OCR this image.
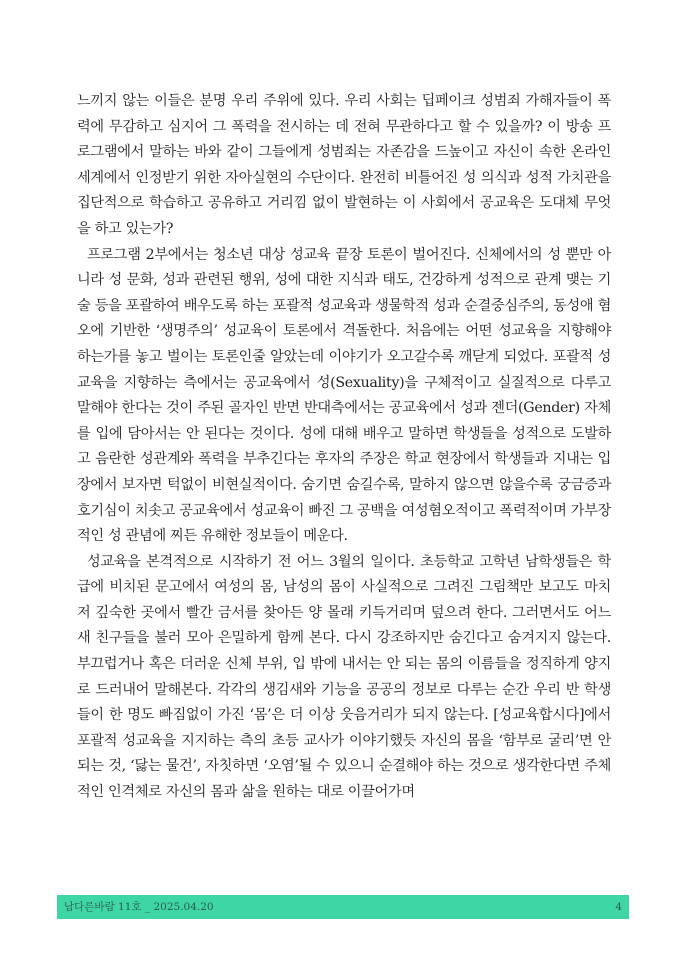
느끼지 않는 이들은 분명 우리 주위에 있다. 우리 사회는 딥페이크 성범죄 가해자들이 폭력에 무감하고 심지어 그 폭력을 전시하는 데 전혀 무관하다고 할 수 있을까? 이 방송 프로그램에서 말하는 바와 같이 그들에게 성범죄는 자존감을 드높이고 자신이 속한 온라인 세계에서 인정받기 위한 자아실현의 수단이다. 완전히 비틀어진 성 의식과 성적 가치관을 집단적으로 학습하고 공유하고 거리낌 없이 발현하는 이 사회에서 공교육은 도대체 무엇을 하고 있는가?

프로그램 2부에서는 청소년 대상 성교육 끝장 토론이 벌어진다. 신체에서의 성 뿐만 아니라 성 문화, 성과 관련된 행위, 성에 대한 지식과 태도, 건강하게 성적으로 관계 맺는 기술 등을 포괄하여 배우도록 하는 포괄적 성교육과 생물학적 성과 순결중심주의, 동성애 혐오에 기반한 ‘생명주의’ 성교육이 토론에서 격돌한다. 처음에는 어떤 성교육을 지향해야 하는가를 놓고 벌이는 토론인줄 알았는데 이야기가 오고갈수록 깨닫게 되었다. 포괄적 성교육을 지향하는 측에서는 공교육에서 성(Sexuality)을 구체적이고 실질적으로 다루고 말해야 한다는 것이 주된 골자인 반면 반대측에서는 공교육에서 성과 젠더(Gender) 자체를 입에 담아서는 안 된다는 것이다. 성에 대해 배우고 말하면 학생들을 성적으로 도발하고 음란한 성관계와 폭력을 부추긴다는 후자의 주장은 학교 현장에서 학생들과 지내는 입장에서 보자면 턱없이 비현실적이다. 숨기면 숨길수록, 말하지 않으면 않을수록 궁금증과 호기심이 치솟고 공교육에서 성교육이 빠진 그 공백을 여성혐오적이고 폭력적이며 가부장적인 성 관념에 찌든 유해한 정보들이 메운다.

성교육을 본격적으로 시작하기 전 어느 3월의 일이다. 초등학교 고학년 남학생들은 학급에 비치된 문고에서 여성의 몸, 남성의 몸이 사실적으로 그려진 그림책만 보고도 마치 저 깊숙한 곳에서 빨간 금서를 찾아든 양 몰래 키득거리며 덮으려 한다. 그러면서도 어느새 친구들을 불러 모아 은밀하게 함께 본다. 다시 강조하지만 숨긴다고 숨겨지지 않는다. 부끄럽거나 혹은 더러운 신체 부위, 입 밖에 내서는 안 되는 몸의 이름들을 정직하게 양지로 드러내어 말해본다. 각각의 생김새와 기능을 공공의 정보로 다루는 순간 우리 반 학생들이 한 명도 빠짐없이 가진 ‘몸’은 더 이상 웃음거리가 되지 않는다. [성교육합시다]에서 포괄적 성교육을 지지하는 측의 초등 교사가 이야기했듯 자신의 몸을 ‘함부로 굴리’면 안 되는 것, ‘닳는 물건’, 자칫하면 ‘오염’될 수 있으니 순결해야 하는 것으로 생각한다면 주체적인 인격체로 자신의 몸과 삶을 원하는 대로 이끌어가며

남다른바람 11호 _ 2025.04.20	4
